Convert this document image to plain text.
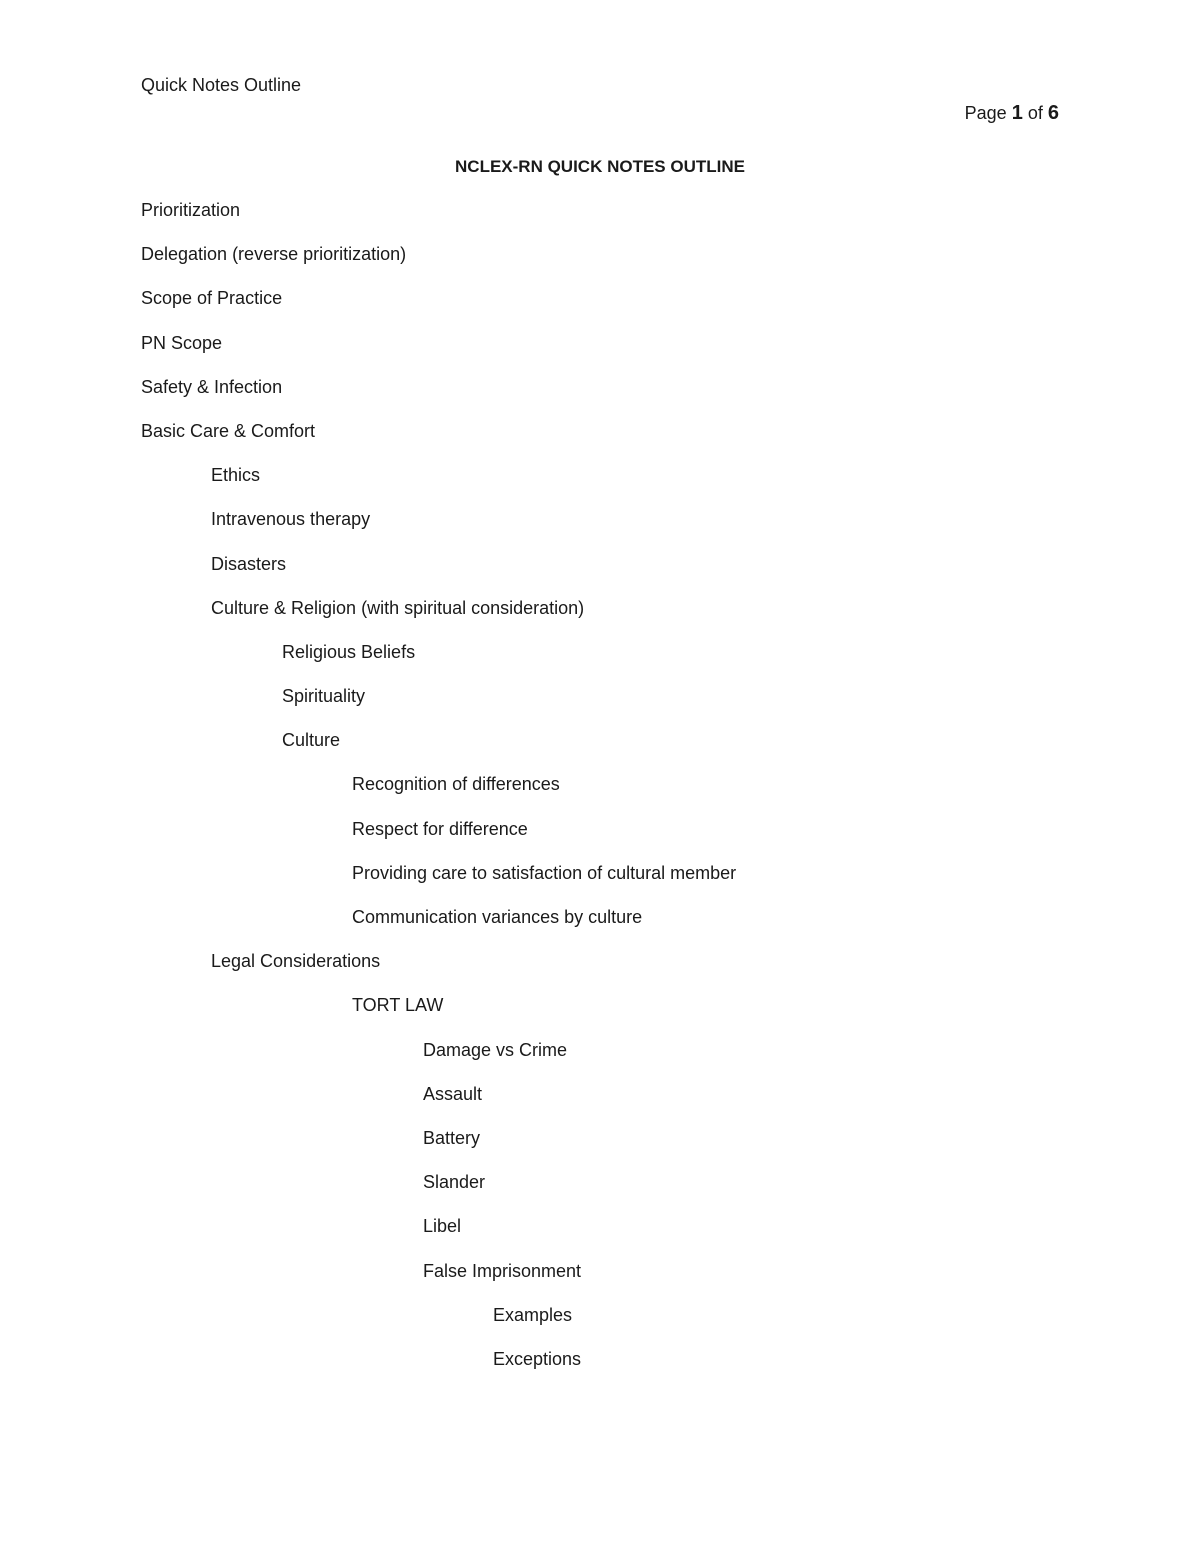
Quick Notes Outline
Page 1 of 6
NCLEX-RN QUICK NOTES OUTLINE
Prioritization
Delegation (reverse prioritization)
Scope of Practice
PN Scope
Safety & Infection
Basic Care & Comfort
Ethics
Intravenous therapy
Disasters
Culture & Religion (with spiritual consideration)
Religious Beliefs
Spirituality
Culture
Recognition of differences
Respect for difference
Providing care to satisfaction of cultural member
Communication variances by culture
Legal Considerations
TORT LAW
Damage vs Crime
Assault
Battery
Slander
Libel
False Imprisonment
Examples
Exceptions
